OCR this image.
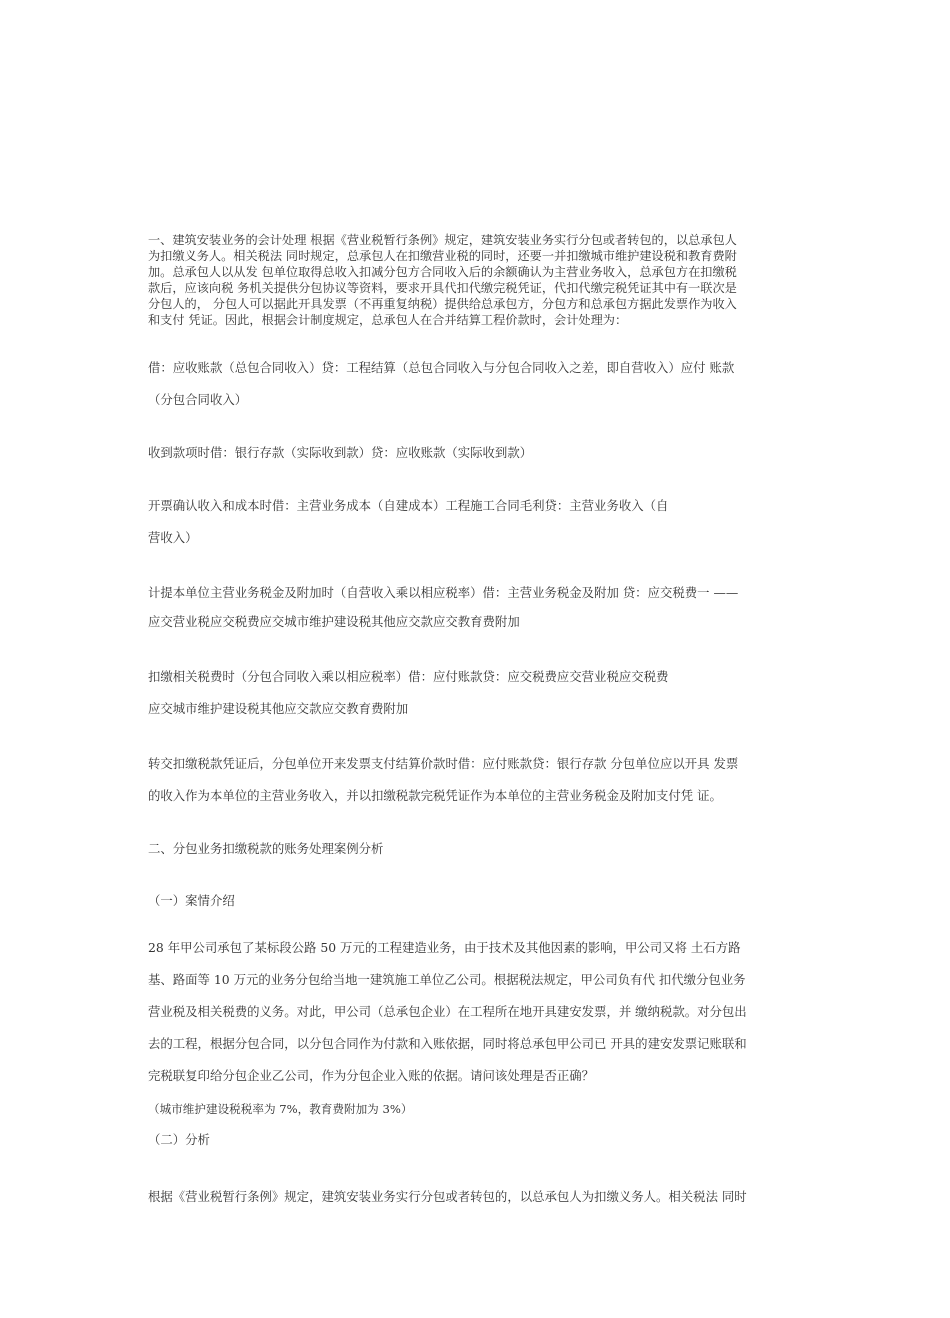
一、建筑安装业务的会计处理 根据《营业税暂行条例》规定，建筑安装业务实行分包或者转包的，以总承包人
为扣缴义务人。相关税法 同时规定，总承包人在扣缴营业税的同时，还要一并扣缴城市维护建设税和教育费附
加。总承包人以从发 包单位取得总收入扣减分包方合同收入后的余额确认为主营业务收入，总承包方在扣缴税
款后，应该向税 务机关提供分包协议等资料，要求开具代扣代缴完税凭证，代扣代缴完税凭证其中有一联次是
分包人的， 分包人可以据此开具发票（不再重复纳税）提供给总承包方，分包方和总承包方据此发票作为收入
和支付 凭证。因此，根据会计制度规定，总承包人在合并结算工程价款时，会计处理为：
借：应收账款（总包合同收入）贷：工程结算（总包合同收入与分包合同收入之差，即自营收入）应付 账款
（分包合同收入）
收到款项时借：银行存款（实际收到款）贷：应收账款（实际收到款）
开票确认收入和成本时借：主营业务成本（自建成本）工程施工合同毛利贷：主营业务收入（自
营收入）
计提本单位主营业务税金及附加时（自营收入乘以相应税率）借：主营业务税金及附加 贷：应交税费一 ——
应交营业税应交税费应交城市维护建设税其他应交款应交教育费附加
扣缴相关税费时（分包合同收入乘以相应税率）借：应付账款贷：应交税费应交营业税应交税费
应交城市维护建设税其他应交款应交教育费附加
转交扣缴税款凭证后，分包单位开来发票支付结算价款时借：应付账款贷：银行存款 分包单位应以开具 发票
的收入作为本单位的主营业务收入，并以扣缴税款完税凭证作为本单位的主营业务税金及附加支付凭 证。
二、分包业务扣缴税款的账务处理案例分析
（一）案情介绍
28 年甲公司承包了某标段公路 50 万元的工程建造业务，由于技术及其他因素的影响，甲公司又将 土石方路
基、路面等 10 万元的业务分包给当地一建筑施工单位乙公司。根据税法规定，甲公司负有代 扣代缴分包业务
营业税及相关税费的义务。对此，甲公司（总承包企业）在工程所在地开具建安发票，并 缴纳税款。对分包出
去的工程，根据分包合同，以分包合同作为付款和入账依据，同时将总承包甲公司已 开具的建安发票记账联和
完税联复印给分包企业乙公司，作为分包企业入账的依据。请问该处理是否正确？
（城市维护建设税税率为 7%，教育费附加为 3%）
（二）分析
根据《营业税暂行条例》规定，建筑安装业务实行分包或者转包的，以总承包人为扣缴义务人。相关税法 同时
